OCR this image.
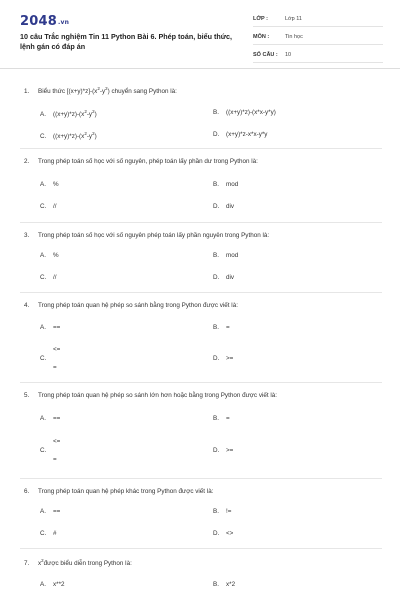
2048.vn
10 câu Trắc nghiệm Tin 11 Python Bài 6. Phép toán, biểu thức, lệnh gán có đáp án
LỚP :	Lớp 11
MÔN :	Tin học
SỐ CÂU : 10
1. Biểu thức $[(x+y)*z]-(x^2-y^2)$ chuyển sang Python là:
A. $((x+y)*z)-(x^2-y^2)$	B. ((x+y)*z)-(x*x-y*y)
C. $((x+y)*z)-(x^2-y^2)$	D. (x+y)*z-x*x-y*y
2. Trong phép toán số học với số nguyên, phép toán lấy phần dư trong Python là:
A. %	B. mod
C. //	D. div
3. Trong phép toán số học với số nguyên phép toán lấy phần nguyên trong Python là:
A. %	B. mod
C. //	D. div
4. Trong phép toán quan hệ phép so sánh bằng trong Python được viết là:
A. ==	B. =
C.<=

=
D. >=
5. Trong phép toán quan hệ phép so sánh lớn hơn hoặc bằng trong Python được viết là:
A. ==	B. =
C.<=

=
D. >=
6. Trong phép toán quan hệ phép khác trong Python được viết là:
A. ==	B. !=
C. #	D. <>
7. $x^2được$ biểu diễn trong Python là:
A. x**2	B. x*2
